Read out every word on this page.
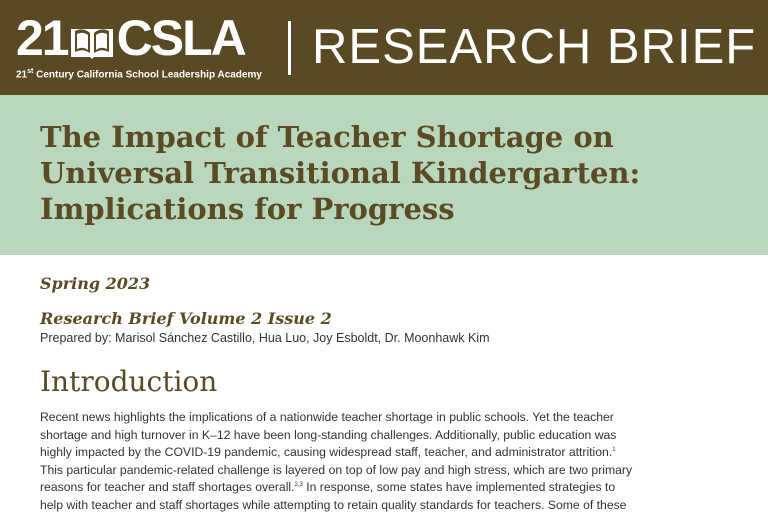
21 CSLA
21st Century California School Leadership Academy
RESEARCH BRIEF
The Impact of Teacher Shortage on
Universal Transitional Kindergarten:
Implications for Progress
Spring 2023
Research Brief Volume 2 Issue 2
Prepared by: Marisol Sánchez Castillo, Hua Luo, Joy Esboldt, Dr. Moonhawk Kim
Introduction
Recent news highlights the implications of a nationwide teacher shortage in public schools. Yet the teacher
shortage and high turnover in K–12 have been long-standing challenges. Additionally, public education was
highly impacted by the COVID-19 pandemic, causing widespread staff, teacher, and administrator attrition.$^1$
This particular pandemic-related challenge is layered on top of low pay and high stress, which are two primary
reasons for teacher and staff shortages overall.$^{2,3}$ In response, some states have implemented strategies to
help with teacher and staff shortages while attempting to retain quality standards for teachers. Some of these
